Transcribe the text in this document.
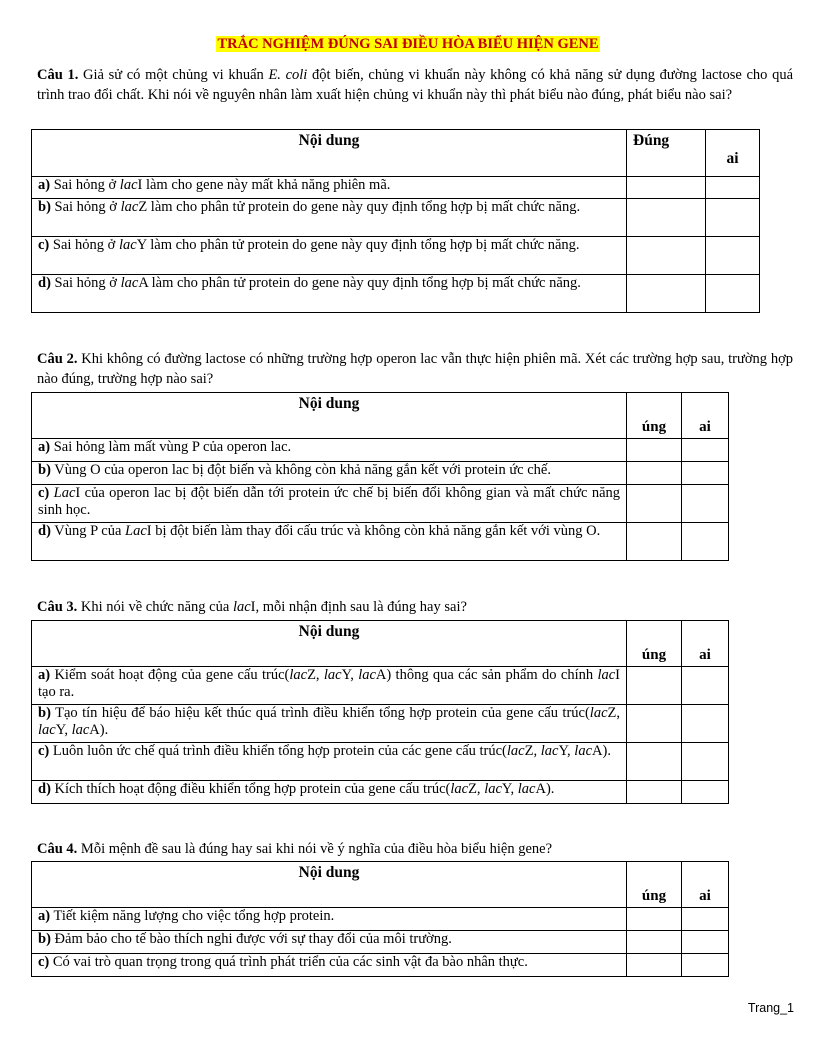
TRẮC NGHIỆM ĐÚNG SAI ĐIỀU HÒA BIỂU HIỆN GENE
Câu 1. Giả sử có một chủng vi khuẩn E. coli đột biến, chủng vi khuẩn này không có khả năng sử dụng đường lactose cho quá trình trao đổi chất. Khi nói về nguyên nhân làm xuất hiện chủng vi khuẩn này thì phát biểu nào đúng, phát biểu nào sai?
Nội dung	Đúng	ai
a) Sai hỏng ở lacI làm cho gene này mất khả năng phiên mã.		
b) Sai hỏng ở lacZ làm cho phân tử protein do gene này quy định tổng hợp bị mất chức năng.		
c) Sai hỏng ở lacY làm cho phân tử protein do gene này quy định tổng hợp bị mất chức năng.		
d) Sai hỏng ở lacA làm cho phân tử protein do gene này quy định tổng hợp bị mất chức năng.		
Câu 2. Khi không có đường lactose có những trường hợp operon lac vẫn thực hiện phiên mã. Xét các trường hợp sau, trường hợp nào đúng, trường hợp nào sai?
Nội dung	úng	ai
a) Sai hỏng làm mất vùng P của operon lac.		
b) Vùng O của operon lac bị đột biến và không còn khả năng gắn kết với protein ức chế.		
c) LacI của operon lac bị đột biến dẫn tới protein ức chế bị biến đổi không gian và mất chức năng sinh học.		
d) Vùng P của LacI bị đột biến làm thay đổi cấu trúc và không còn khả năng gắn kết với vùng O.		
Câu 3. Khi nói về chức năng của lacI, mỗi nhận định sau là đúng hay sai?
Nội dung	úng	ai
a) Kiểm soát hoạt động của gene cấu trúc(lacZ, lacY, lacA) thông qua các sản phẩm do chính lacI tạo ra.		
b) Tạo tín hiệu để báo hiệu kết thúc quá trình điều khiển tổng hợp protein của gene cấu trúc(lacZ, lacY, lacA).		
c) Luôn luôn ức chế quá trình điều khiển tổng hợp protein của các gene cấu trúc(lacZ, lacY, lacA).		
d) Kích thích hoạt động điều khiển tổng hợp protein của gene cấu trúc(lacZ, lacY, lacA).		
Câu 4. Mỗi mệnh đề sau là đúng hay sai khi nói về ý nghĩa của điều hòa biểu hiện gene?
Nội dung	úng	ai
a) Tiết kiệm năng lượng cho việc tổng hợp protein.		
b) Đảm bảo cho tế bào thích nghi được với sự thay đổi của môi trường.		
c) Có vai trò quan trọng trong quá trình phát triển của các sinh vật đa bào nhân thực.		
Trang_1
